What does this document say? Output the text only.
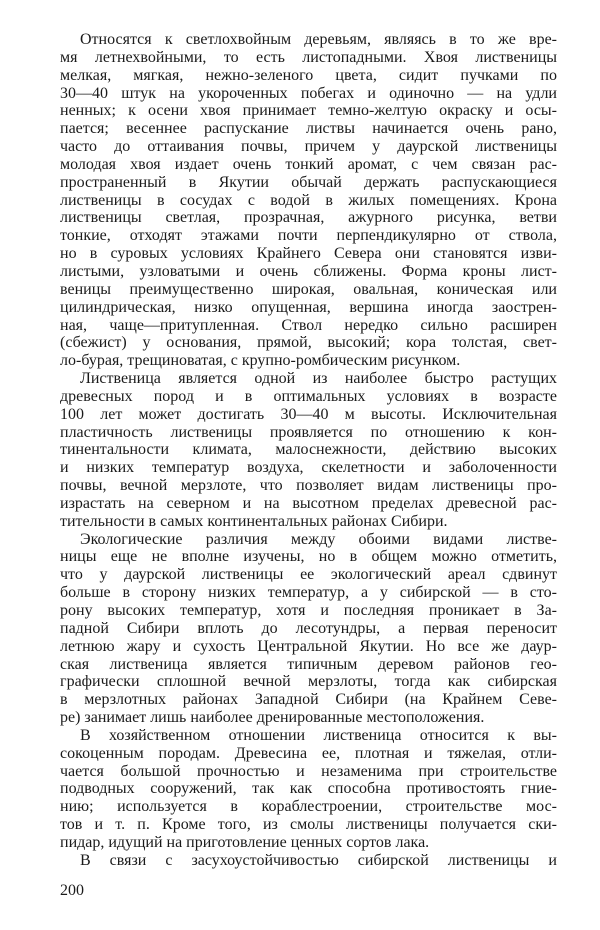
Относятся к светлохвойным деревьям, являясь в то же вре-
мя летнехвойными, то есть листопадными. Хвоя лиственицы
мелкая, мягкая, нежно-зеленого цвета, сидит пучками по
30—40 штук на укороченных побегах и одиночно — на удли
ненных; к осени хвоя принимает темно-желтую окраску и осы-
пается; весеннее распускание листвы начинается очень рано,
часто до оттаивания почвы, причем у даурской лиственицы
молодая хвоя издает очень тонкий аромат, с чем связан рас-
пространенный в Якутии обычай держать распускающиеся
лиственицы в сосудах с водой в жилых помещениях. Крона
лиственицы светлая, прозрачная, ажурного рисунка, ветви
тонкие, отходят этажами почти перпендикулярно от ствола,
но в суровых условиях Крайнего Севера они становятся изви-
листыми, узловатыми и очень сближены. Форма кроны лист-
веницы преимущественно широкая, овальная, коническая или
цилиндрическая, низко опущенная, вершина иногда заострен-
ная, чаще—притупленная. Ствол нередко сильно расширен
(сбежист) у основания, прямой, высокий; кора толстая, свет-
ло-бурая, трещиноватая, с крупно-ромбическим рисунком.
Лиственица является одной из наиболее быстро растущих
древесных пород и в оптимальных условиях в возрасте
100 лет может достигать 30—40 м высоты. Исключительная
пластичность лиственицы проявляется по отношению к кон-
тинентальности климата, малоснежности, действию высоких
и низких температур воздуха, скелетности и заболоченности
почвы, вечной мерзлоте, что позволяет видам лиственицы про-
израстать на северном и на высотном пределах древесной рас-
тительности в самых континентальных районах Сибири.
Экологические различия между обоими видами листве-
ницы еще не вполне изучены, но в общем можно отметить,
что у даурской лиственицы ее экологический ареал сдвинут
больше в сторону низких температур, а у сибирской — в сто-
рону высоких температур, хотя и последняя проникает в За-
падной Сибири вплоть до лесотундры, а первая переносит
летнюю жару и сухость Центральной Якутии. Но все же даур-
ская лиственица является типичным деревом районов гео-
графически сплошной вечной мерзлоты, тогда как сибирская
в мерзлотных районах Западной Сибири (на Крайнем Севе-
ре) занимает лишь наиболее дренированные местоположения.
В хозяйственном отношении лиственица относится к вы-
сокоценным породам. Древесина ее, плотная и тяжелая, отли-
чается большой прочностью и незаменима при строительстве
подводных сооружений, так как способна противостоять гние-
нию; используется в кораблестроении, строительстве мос-
тов и т. п. Кроме того, из смолы лиственицы получается ски-
пидар, идущий на приготовление ценных сортов лака.
В связи с засухоустойчивостью сибирской лиственицы и
200
